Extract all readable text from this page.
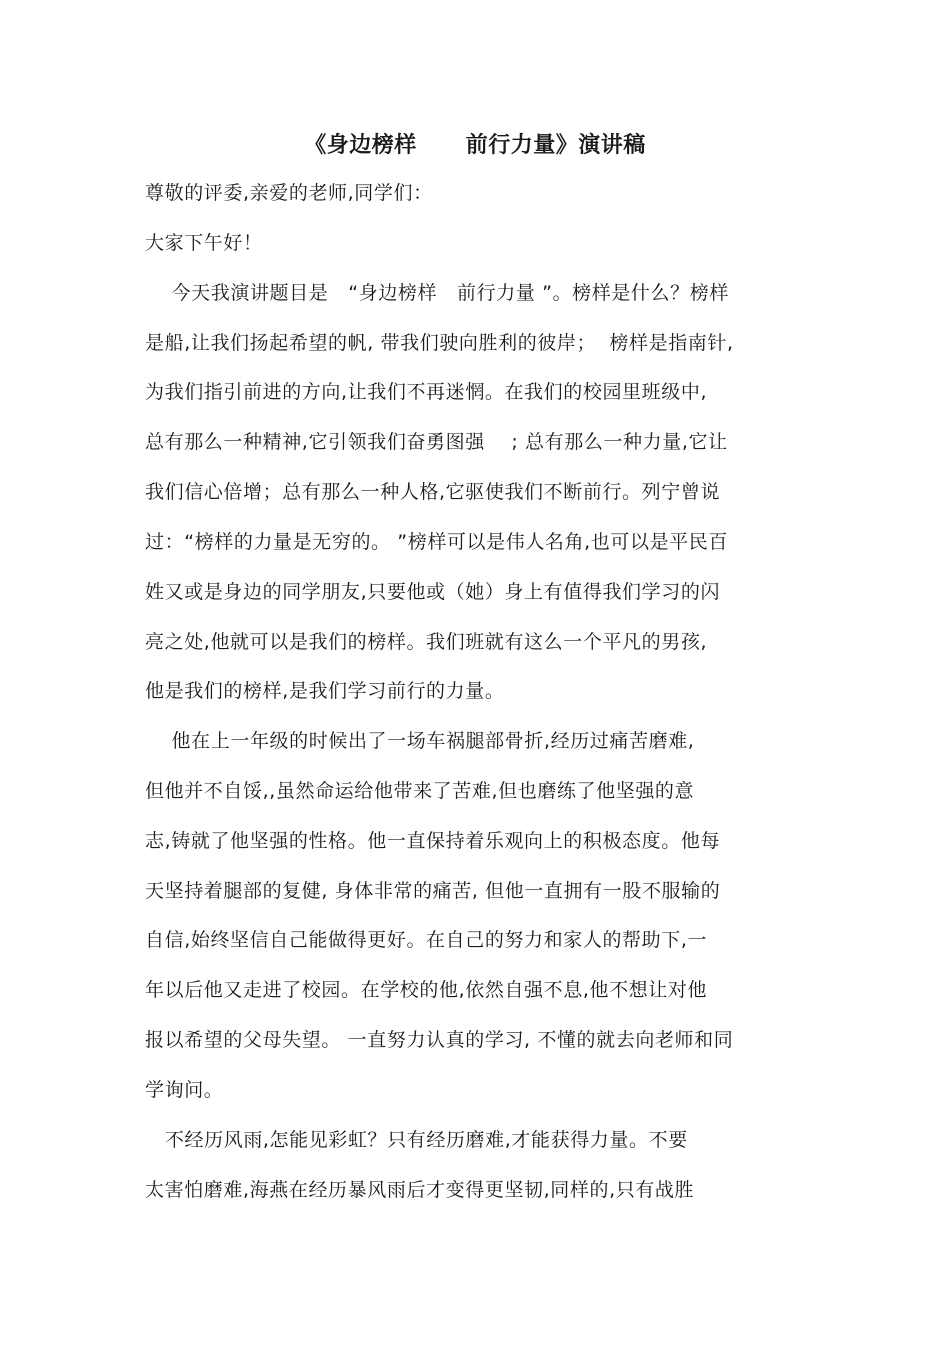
《身边榜样      前行力量》演讲稿
尊敬的评委,亲爱的老师,同学们：
大家下午好！
今天我演讲题目是   “身边榜样   前行力量 ”。榜样是什么？榜样
是船,让我们扬起希望的帆, 带我们驶向胜利的彼岸；  榜样是指南针,
为我们指引前进的方向,让我们不再迷惘。在我们的校园里班级中,
总有那么一种精神,它引领我们奋勇图强    ; 总有那么一种力量,它让
我们信心倍增；总有那么一种人格,它驱使我们不断前行。列宁曾说
过：“榜样的力量是无穷的。 ”榜样可以是伟人名角,也可以是平民百
姓又或是身边的同学朋友,只要他或（她）身上有值得我们学习的闪
亮之处,他就可以是我们的榜样。我们班就有这么一个平凡的男孩,
他是我们的榜样,是我们学习前行的力量。
他在上一年级的时候出了一场车祸腿部骨折,经历过痛苦磨难,
但他并不自馁,,虽然命运给他带来了苦难,但也磨练了他坚强的意
志,铸就了他坚强的性格。他一直保持着乐观向上的积极态度。他每
天坚持着腿部的复健, 身体非常的痛苦, 但他一直拥有一股不服输的
自信,始终坚信自己能做得更好。在自己的努力和家人的帮助下,一
年以后他又走进了校园。在学校的他,依然自强不息,他不想让对他
报以希望的父母失望。 一直努力认真的学习, 不懂的就去向老师和同
学询问。
不经历风雨,怎能见彩虹？只有经历磨难,才能获得力量。不要
太害怕磨难,海燕在经历暴风雨后才变得更坚韧,同样的,只有战胜
